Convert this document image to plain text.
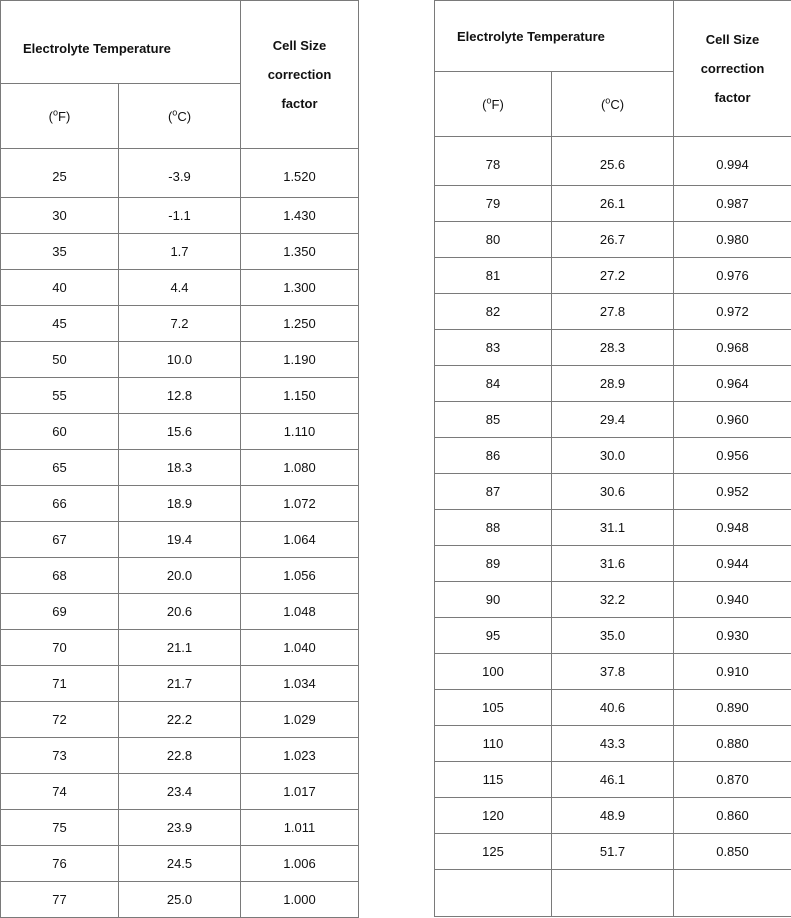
Electrolyte Temperature		Cell Size
correction
factor

($^o$F)	($^o$C)	
25	-3.9	1.520
30	-1.1	1.430
35	1.7	1.350
40	4.4	1.300
45	7.2	1.250
50	10.0	1.190
55	12.8	1.150
60	15.6	1.110
65	18.3	1.080
66	18.9	1.072
67	19.4	1.064
68	20.0	1.056
69	20.6	1.048
70	21.1	1.040
71	21.7	1.034
72	22.2	1.029
73	22.8	1.023
74	23.4	1.017
75	23.9	1.011
76	24.5	1.006
77	25.0	1.000
Electrolyte Temperature		Cell Size
correction
factor

($^o$F)	($^o$C)	
78	25.6	0.994
79	26.1	0.987
80	26.7	0.980
81	27.2	0.976
82	27.8	0.972
83	28.3	0.968
84	28.9	0.964
85	29.4	0.960
86	30.0	0.956
87	30.6	0.952
88	31.1	0.948
89	31.6	0.944
90	32.2	0.940
95	35.0	0.930
100	37.8	0.910
105	40.6	0.890
110	43.3	0.880
115	46.1	0.870
120	48.9	0.860
125	51.7	0.850
